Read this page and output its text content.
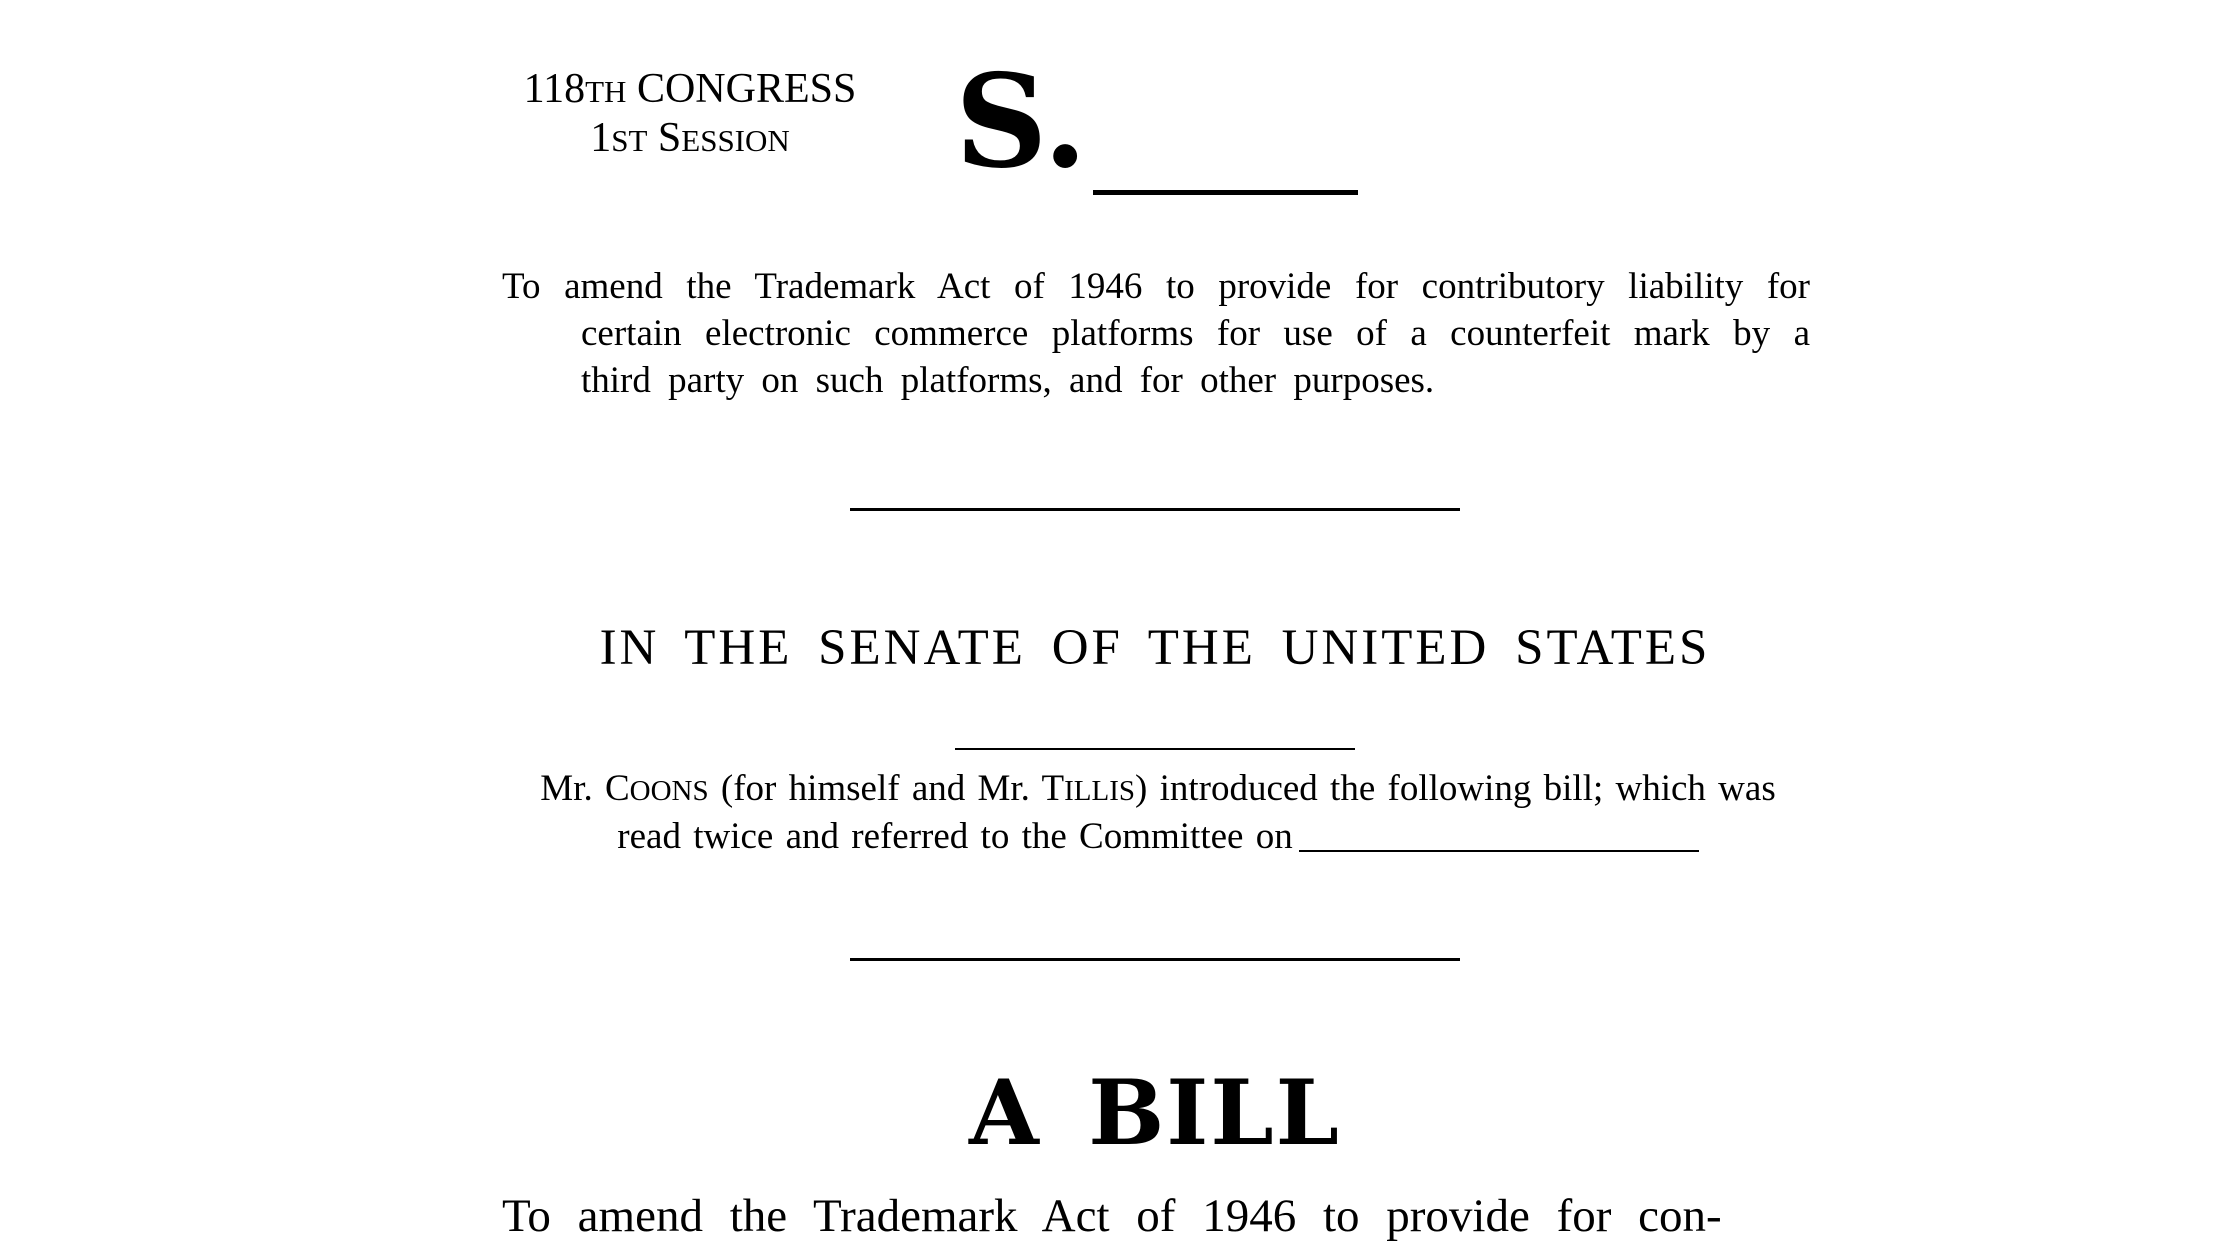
118TH CONGRESS
1ST SESSION	S.
To amend the Trademark Act of 1946 to provide for contributory liability for certain electronic commerce platforms for use of a counterfeit mark by a third party on such platforms, and for other purposes.
IN THE SENATE OF THE UNITED STATES
Mr. COONS (for himself and Mr. TILLIS) introduced the following bill; which was read twice and referred to the Committee on
A BILL
To amend the Trademark Act of 1946 to provide for con-
